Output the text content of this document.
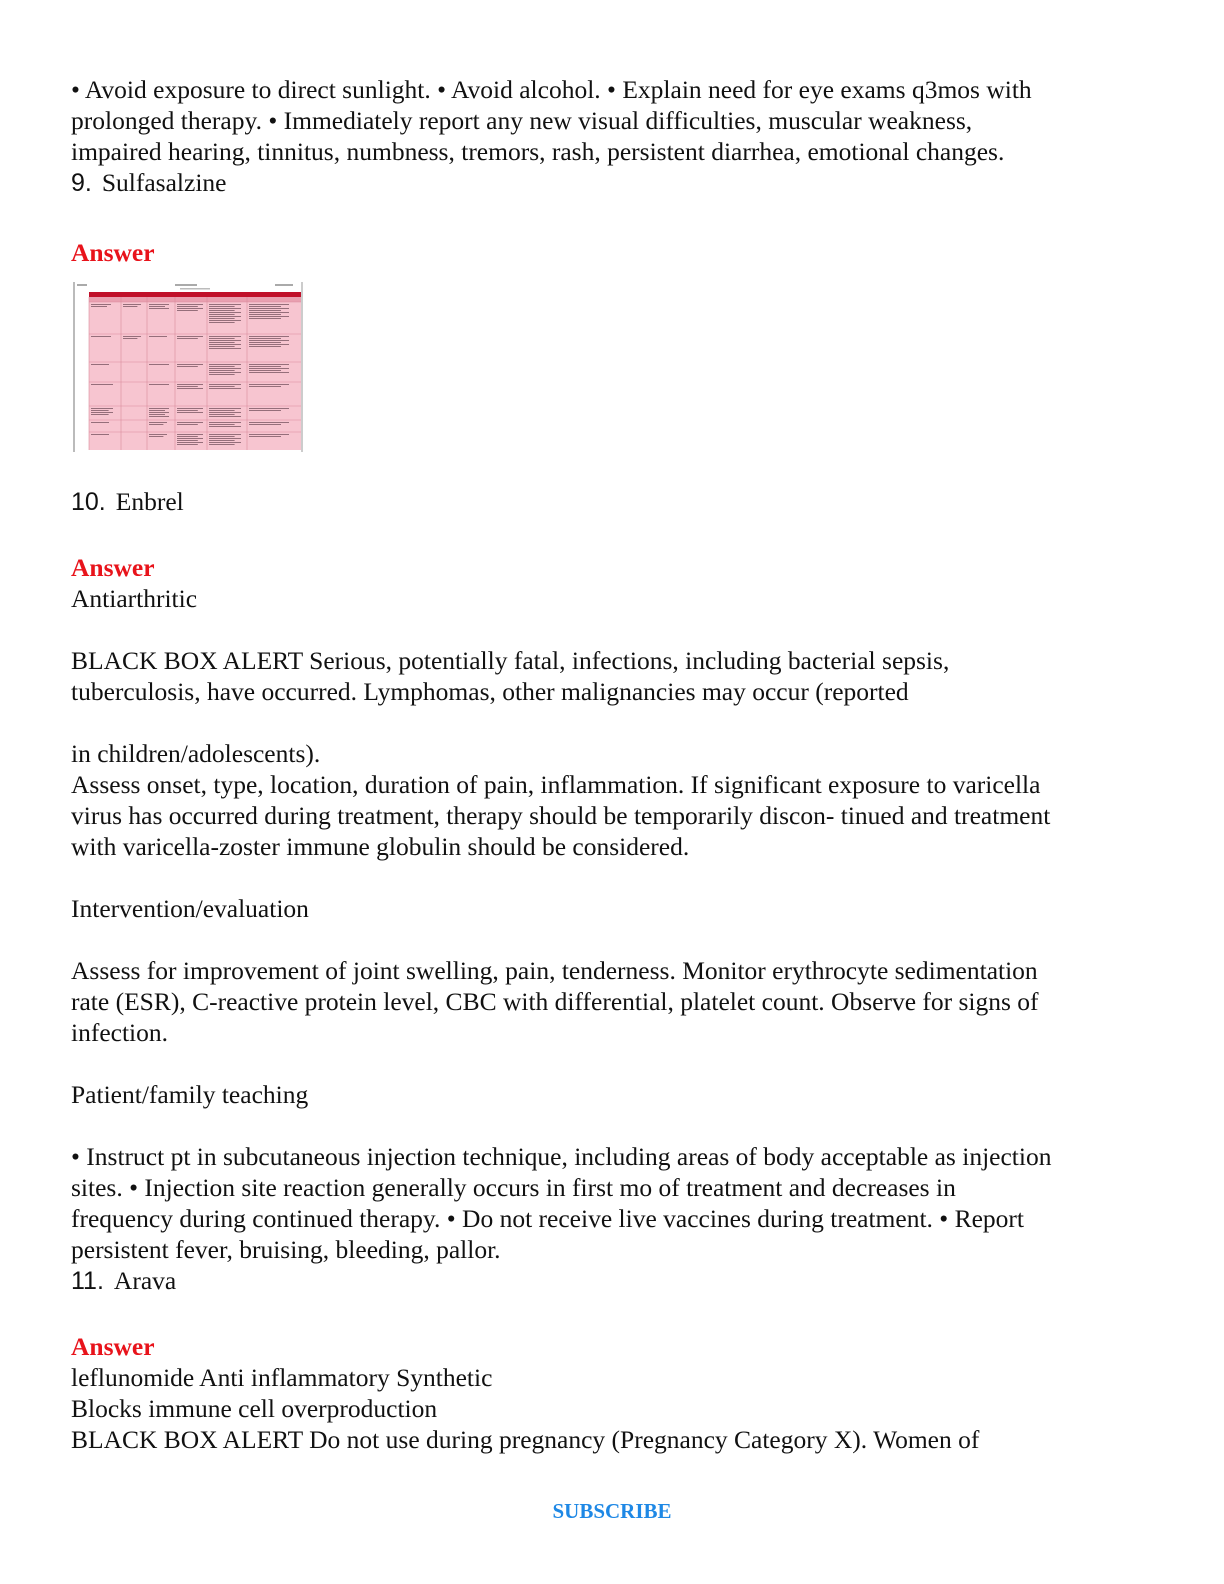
• Avoid exposure to direct sunlight. • Avoid alcohol. • Explain need for eye exams q3mos with

prolonged therapy. • Immediately report any new visual difficulties, muscular weakness,

impaired hearing, tinnitus, numbness, tremors, rash, persistent diarrhea, emotional changes.

9. Sulfasalzine

Answer

10. Enbrel

Answer

Antiarthritic

BLACK BOX ALERT Serious, potentially fatal, infections, including bacterial sepsis,

tuberculosis, have occurred. Lymphomas, other malignancies may occur (reported

in children/adolescents).

Assess onset, type, location, duration of pain, inflammation. If significant exposure to varicella

virus has occurred during treatment, therapy should be temporarily discon- tinued and treatment

with varicella-zoster immune globulin should be considered.

Intervention/evaluation

Assess for improvement of joint swelling, pain, tenderness. Monitor erythrocyte sedimentation

rate (ESR), C-reactive protein level, CBC with differential, platelet count. Observe for signs of

infection.

Patient/family teaching

• Instruct pt in subcutaneous injection technique, including areas of body acceptable as injection

sites. • Injection site reaction generally occurs in first mo of treatment and decreases in

frequency during continued therapy. • Do not receive live vaccines during treatment. • Report

persistent fever, bruising, bleeding, pallor.

11. Arava

Answer

leflunomide Anti inflammatory Synthetic

Blocks immune cell overproduction

BLACK BOX ALERT Do not use during pregnancy (Pregnancy Category X). Women of

SUBSCRIBE
